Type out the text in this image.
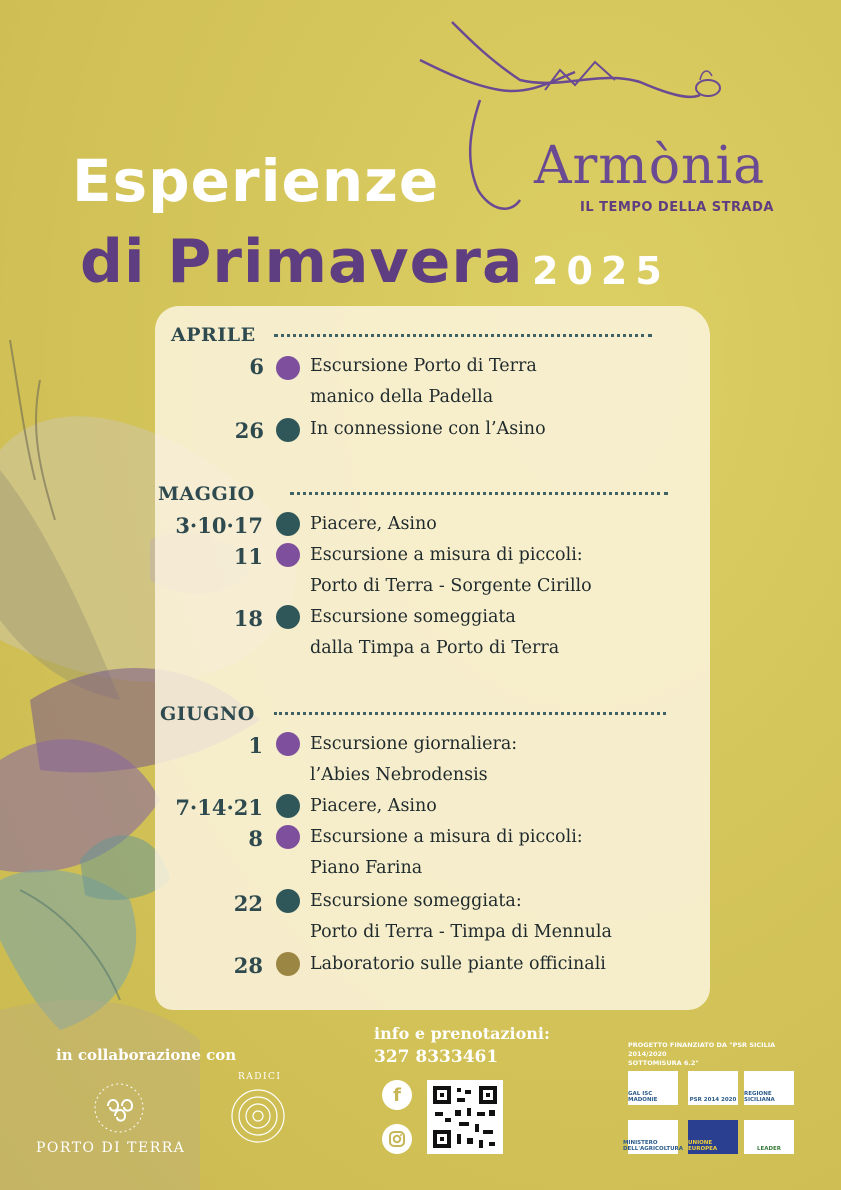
Esperienze
di Primavera 2025
Armònia
IL TEMPO DELLA STRADA
APRILE
6	Escursione Porto di Terra
manico della Padella
26	In connessione con l’Asino
MAGGIO
3·10·17	Piacere, Asino
11	Escursione a misura di piccoli:
Porto di Terra - Sorgente Cirillo
18	Escursione someggiata
dalla Timpa a Porto di Terra
GIUGNO
1	Escursione giornaliera:
l’Abies Nebrodensis
7·14·21	Piacere, Asino
8	Escursione a misura di piccoli:
Piano Farina
22	Escursione someggiata:
Porto di Terra - Timpa di Mennula
28	Laboratorio sulle piante officinali
in collaborazione con
PORTO DI TERRA
RADICI
info e prenotazioni:
327 8333461
f
PROGETTO FINANZIATO DA "PSR SICILIA 2014/2020
SOTTOMISURA 6.2"
GAL ISC MADONIE	PSR 2014 2020
REGIONE SICILIANA
MINISTERO DELL'AGRICOLTURA
UNIONE EUROPEA	LEADER
